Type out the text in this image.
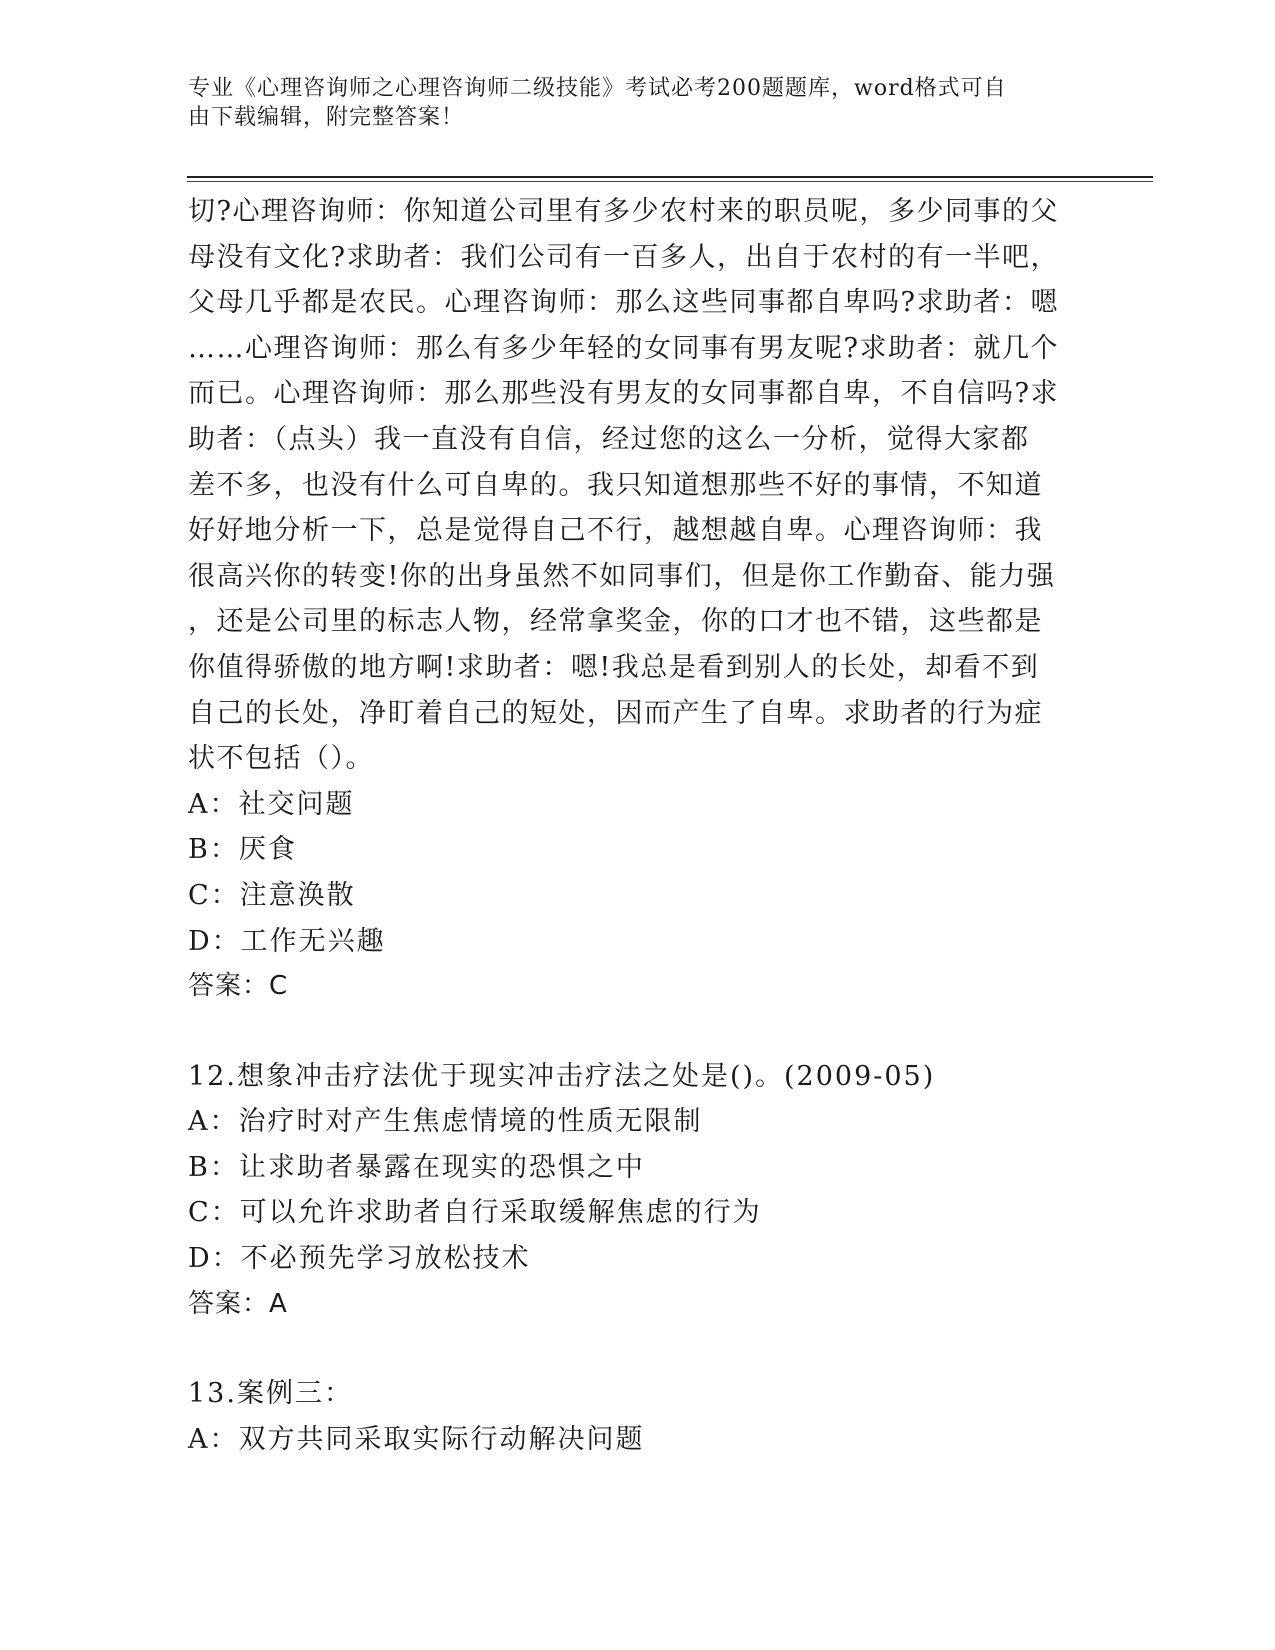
专业《心理咨询师之心理咨询师二级技能》考试必考200题题库，word格式可自
由下载编辑，附完整答案！
切?心理咨询师：你知道公司里有多少农村来的职员呢，多少同事的父
母没有文化?求助者：我们公司有一百多人，出自于农村的有一半吧，
父母几乎都是农民。心理咨询师：那么这些同事都自卑吗?求助者：嗯
……心理咨询师：那么有多少年轻的女同事有男友呢?求助者：就几个
而已。心理咨询师：那么那些没有男友的女同事都自卑，不自信吗?求
助者：（点头）我一直没有自信，经过您的这么一分析，觉得大家都
差不多，也没有什么可自卑的。我只知道想那些不好的事情，不知道
好好地分析一下，总是觉得自己不行，越想越自卑。心理咨询师：我
很高兴你的转变!你的出身虽然不如同事们，但是你工作勤奋、能力强
，还是公司里的标志人物，经常拿奖金，你的口才也不错，这些都是
你值得骄傲的地方啊!求助者：嗯!我总是看到别人的长处，却看不到
自己的长处，净盯着自己的短处，因而产生了自卑。求助者的行为症
状不包括（）。

A：社交问题

B：厌食

C：注意涣散

D：工作无兴趣

答案：C

12.想象冲击疗法优于现实冲击疗法之处是()。(2009-05)

A：治疗时对产生焦虑情境的性质无限制

B：让求助者暴露在现实的恐惧之中

C：可以允许求助者自行采取缓解焦虑的行为

D：不必预先学习放松技术

答案：A

13.案例三：

A：双方共同采取实际行动解决问题
